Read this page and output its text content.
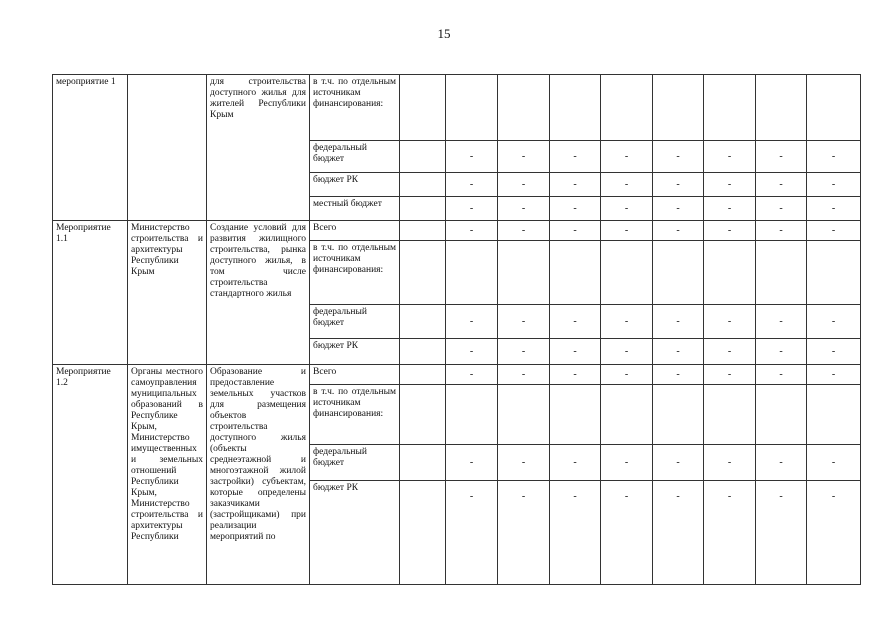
15
мероприятие 1		для строительства доступного жилья для жителей Республики Крым	в т.ч. по отдельным источникам финансирования:									
			федеральный бюджет		-	-	-	-	-	-	-	-
			бюджет РК		-	-	-	-	-	-	-	-
			местный бюджет		-	-	-	-	-	-	-	-
Мероприятие 1.1	Министерство строительства и архитектуры Республики Крым	Создание условий для развития жилищного строительства, рынка доступного жилья, в том числе строительства стандартного жилья	Всего		-	-	-	-	-	-	-	-
			в т.ч. по отдельным источникам финансирования:									
			федеральный бюджет		-	-	-	-	-	-	-	-
			бюджет РК		-	-	-	-	-	-	-	-
Мероприятие 1.2	Органы местного самоуправления муниципальных образований в Республике Крым, Министерство имущественных и земельных отношений Республики Крым, Министерство строительства и архитектуры Республики	Образование и предоставление земельных участков для размещения объектов строительства доступного жилья (объекты среднеэтажной и многоэтажной жилой застройки) субъектам, которые определены заказчиками (застройщиками) при реализации мероприятий по	Всего		-	-	-	-	-	-	-	-
			в т.ч. по отдельным источникам финансирования:									
			федеральный бюджет		-	-	-	-	-	-	-	-
			бюджет РК		-	-	-	-	-	-	-	-
